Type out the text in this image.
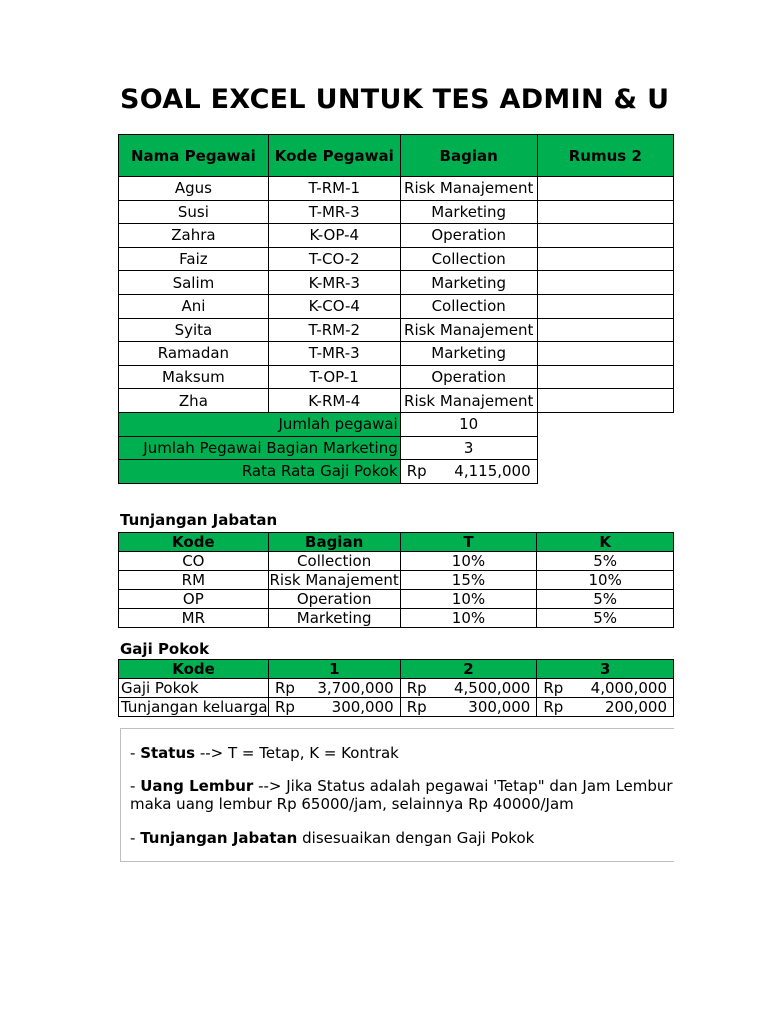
SOAL EXCEL UNTUK TES ADMIN & U
Nama Pegawai	Kode Pegawai	Bagian	Rumus 2
Agus	T-RM-1	Risk Manajement	
Susi	T-MR-3	Marketing	
Zahra	K-OP-4	Operation	
Faiz	T-CO-2	Collection	
Salim	K-MR-3	Marketing	
Ani	K-CO-4	Collection	
Syita	T-RM-2	Risk Manajement	
Ramadan	T-MR-3	Marketing	
Maksum	T-OP-1	Operation	
Zha	K-RM-4	Risk Manajement	
Jumlah pegawai		10	
Jumlah Pegawai Bagian Marketing		3	
Rata Rata Gaji Pokok		Rp 4,115,000	

Tunjangan Jabatan
Kode	Bagian	T	K
CO	Collection	10%	5%
RM	Risk Manajement	15%	10%
OP	Operation	10%	5%
MR	Marketing	10%	5%
Gaji Pokok
Kode	1	2	3
Gaji Pokok	Rp 3,700,000	Rp 4,500,000	Rp 4,000,000

Tunjangan keluarga	Rp 300,000	Rp 300,000	Rp 200,000

- Status --> T = Tetap, K = Kontrak

- Uang Lembur --> Jika Status adalah pegawai 'Tetap" dan Jam Lembur

maka uang lembur Rp 65000/jam, selainnya Rp 40000/Jam

- Tunjangan Jabatan disesuaikan dengan Gaji Pokok
